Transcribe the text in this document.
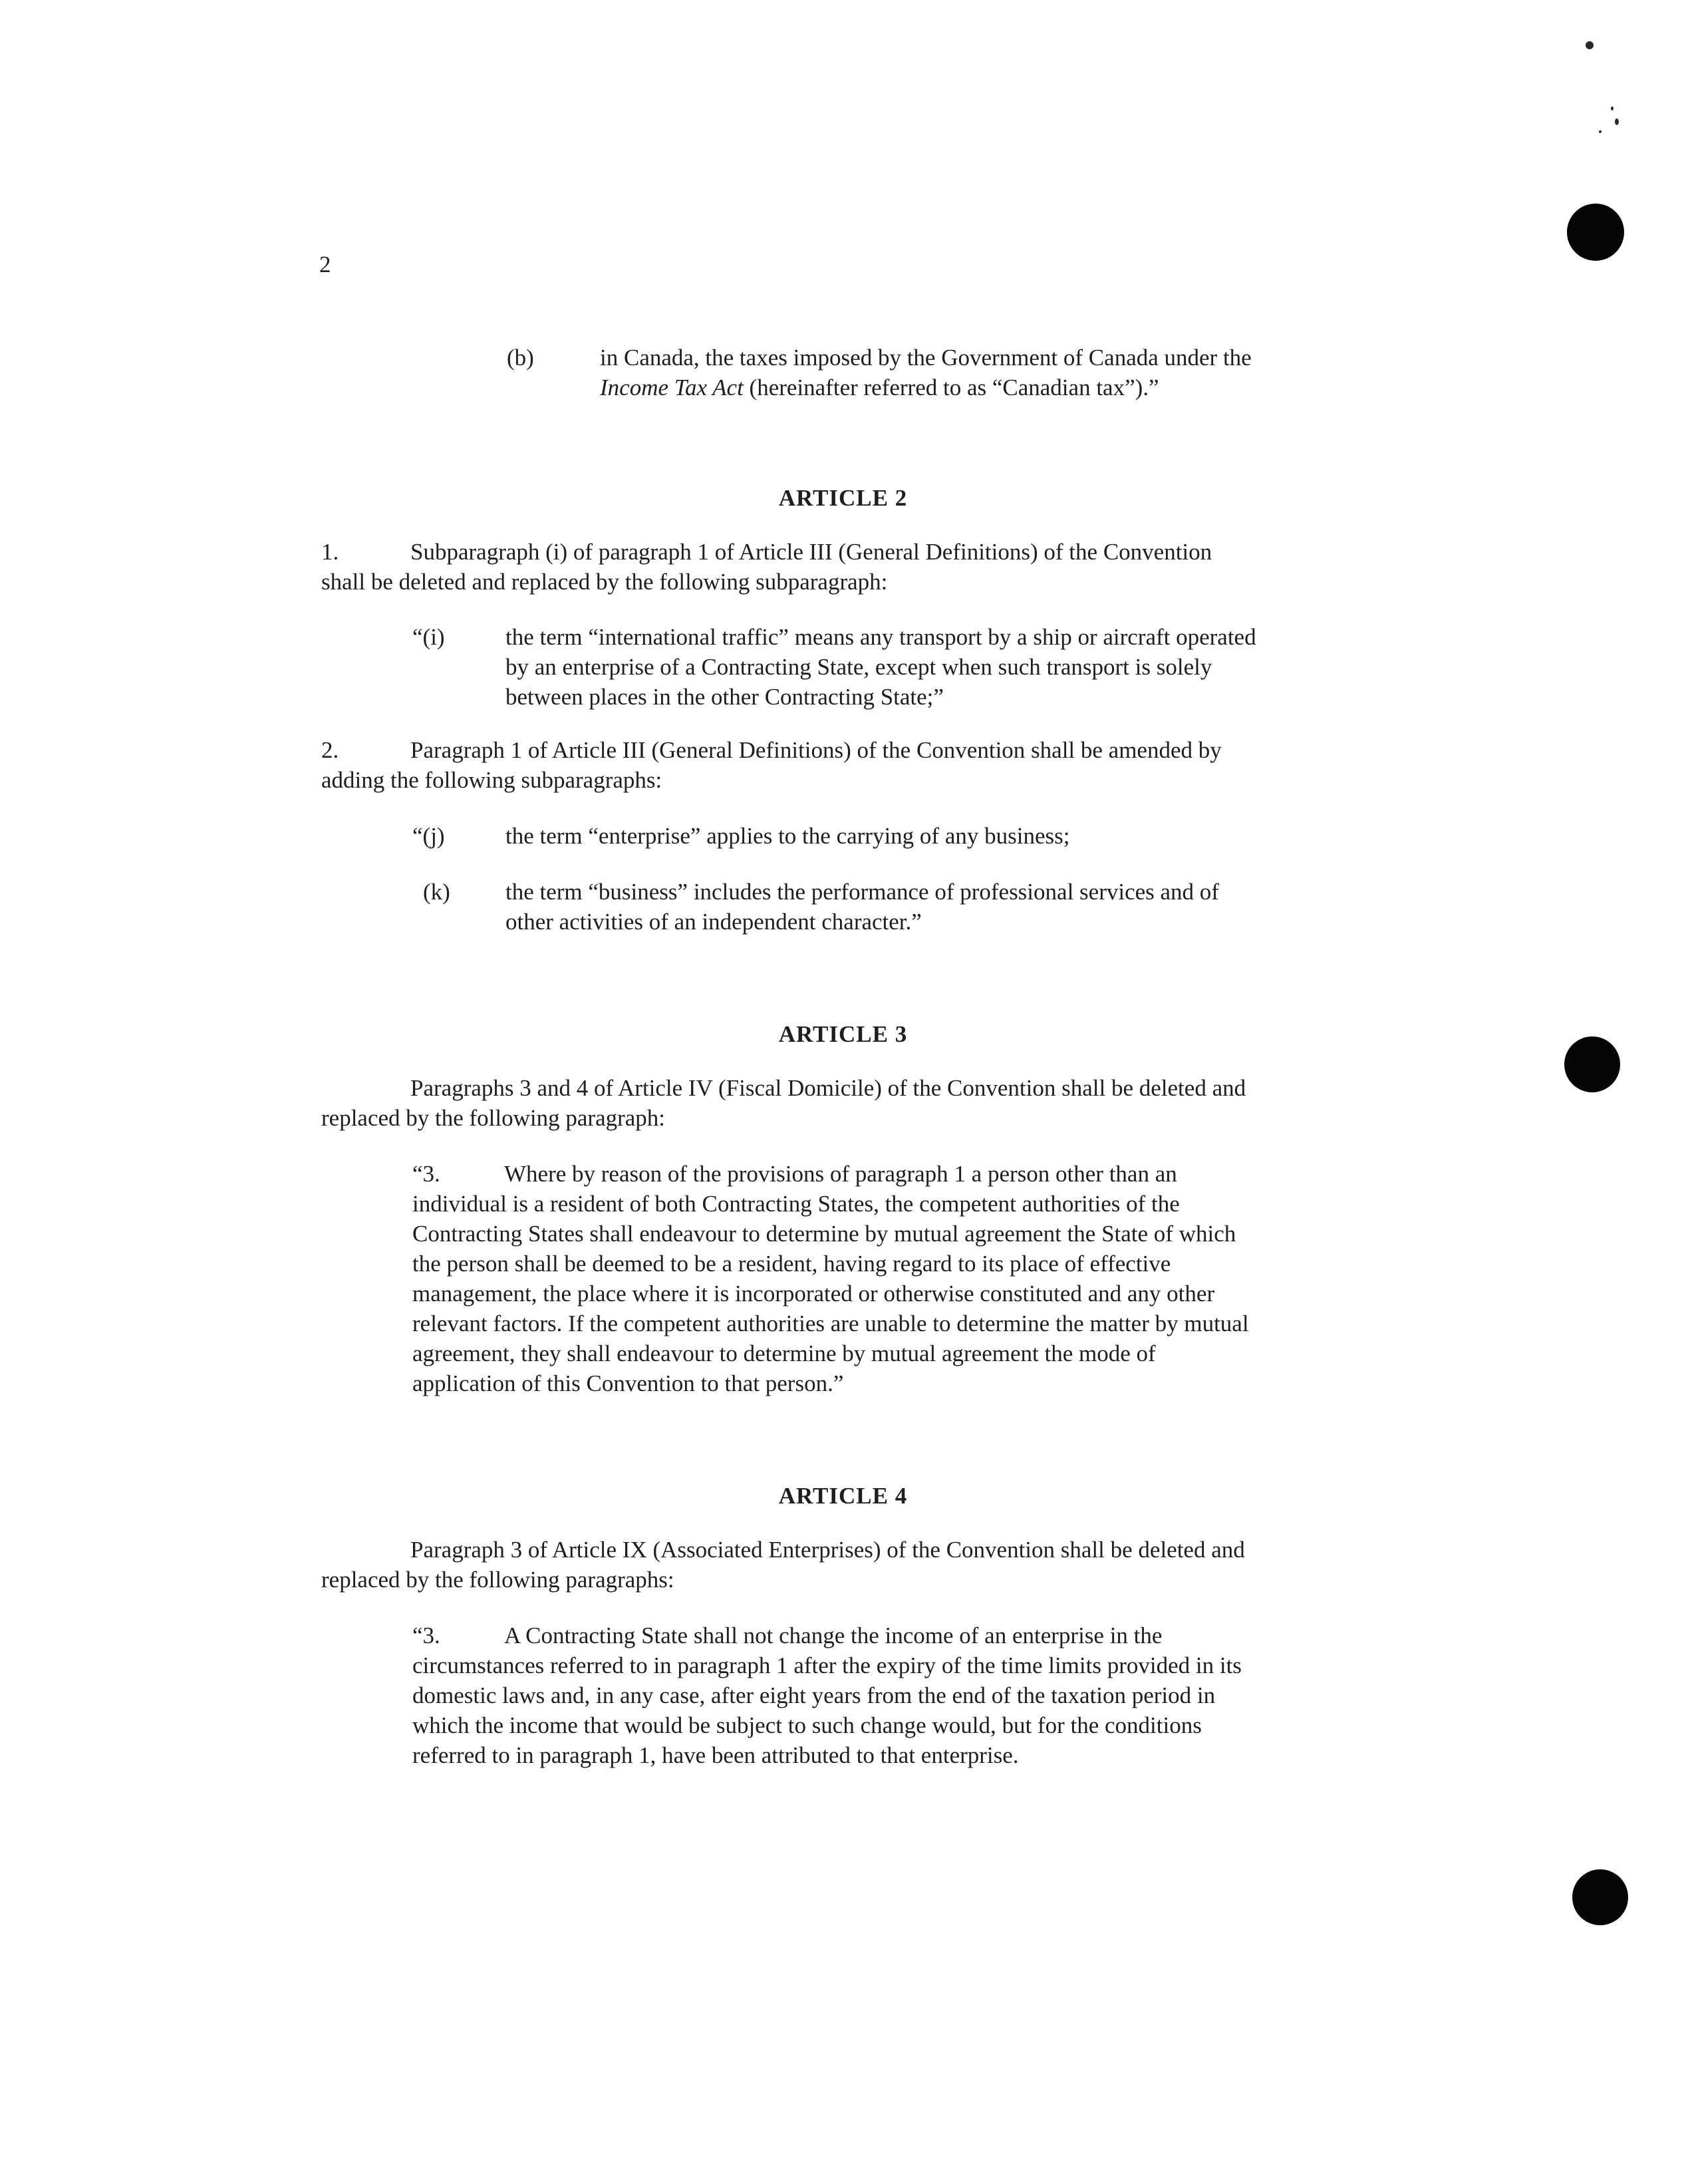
2
(b)	in Canada, the taxes imposed by the Government of Canada under the

Income Tax Act (hereinafter referred to as “Canadian tax”).”

ARTICLE 2

1.	Subparagraph (i) of paragraph 1 of Article III (General Definitions) of the Convention

shall be deleted and replaced by the following subparagraph:

“(i)	the term “international traffic” means any transport by a ship or aircraft operated

by an enterprise of a Contracting State, except when such transport is solely

between places in the other Contracting State;”

2.	Paragraph 1 of Article III (General Definitions) of the Convention shall be amended by

adding the following subparagraphs:

“(j)	the term “enterprise” applies to the carrying of any business;

(k) the term “business” includes the performance of professional services and of

other activities of an independent character.”

ARTICLE 3

Paragraphs 3 and 4 of Article IV (Fiscal Domicile) of the Convention shall be deleted and

replaced by the following paragraph:

“3.	Where by reason of the provisions of paragraph 1 a person other than an

individual is a resident of both Contracting States, the competent authorities of the

Contracting States shall endeavour to determine by mutual agreement the State of which

the person shall be deemed to be a resident, having regard to its place of effective

management, the place where it is incorporated or otherwise constituted and any other

relevant factors. If the competent authorities are unable to determine the matter by mutual

agreement, they shall endeavour to determine by mutual agreement the mode of

application of this Convention to that person.”

ARTICLE 4

Paragraph 3 of Article IX (Associated Enterprises) of the Convention shall be deleted and

replaced by the following paragraphs:

“3.	A Contracting State shall not change the income of an enterprise in the

circumstances referred to in paragraph 1 after the expiry of the time limits provided in its

domestic laws and, in any case, after eight years from the end of the taxation period in

which the income that would be subject to such change would, but for the conditions

referred to in paragraph 1, have been attributed to that enterprise.
